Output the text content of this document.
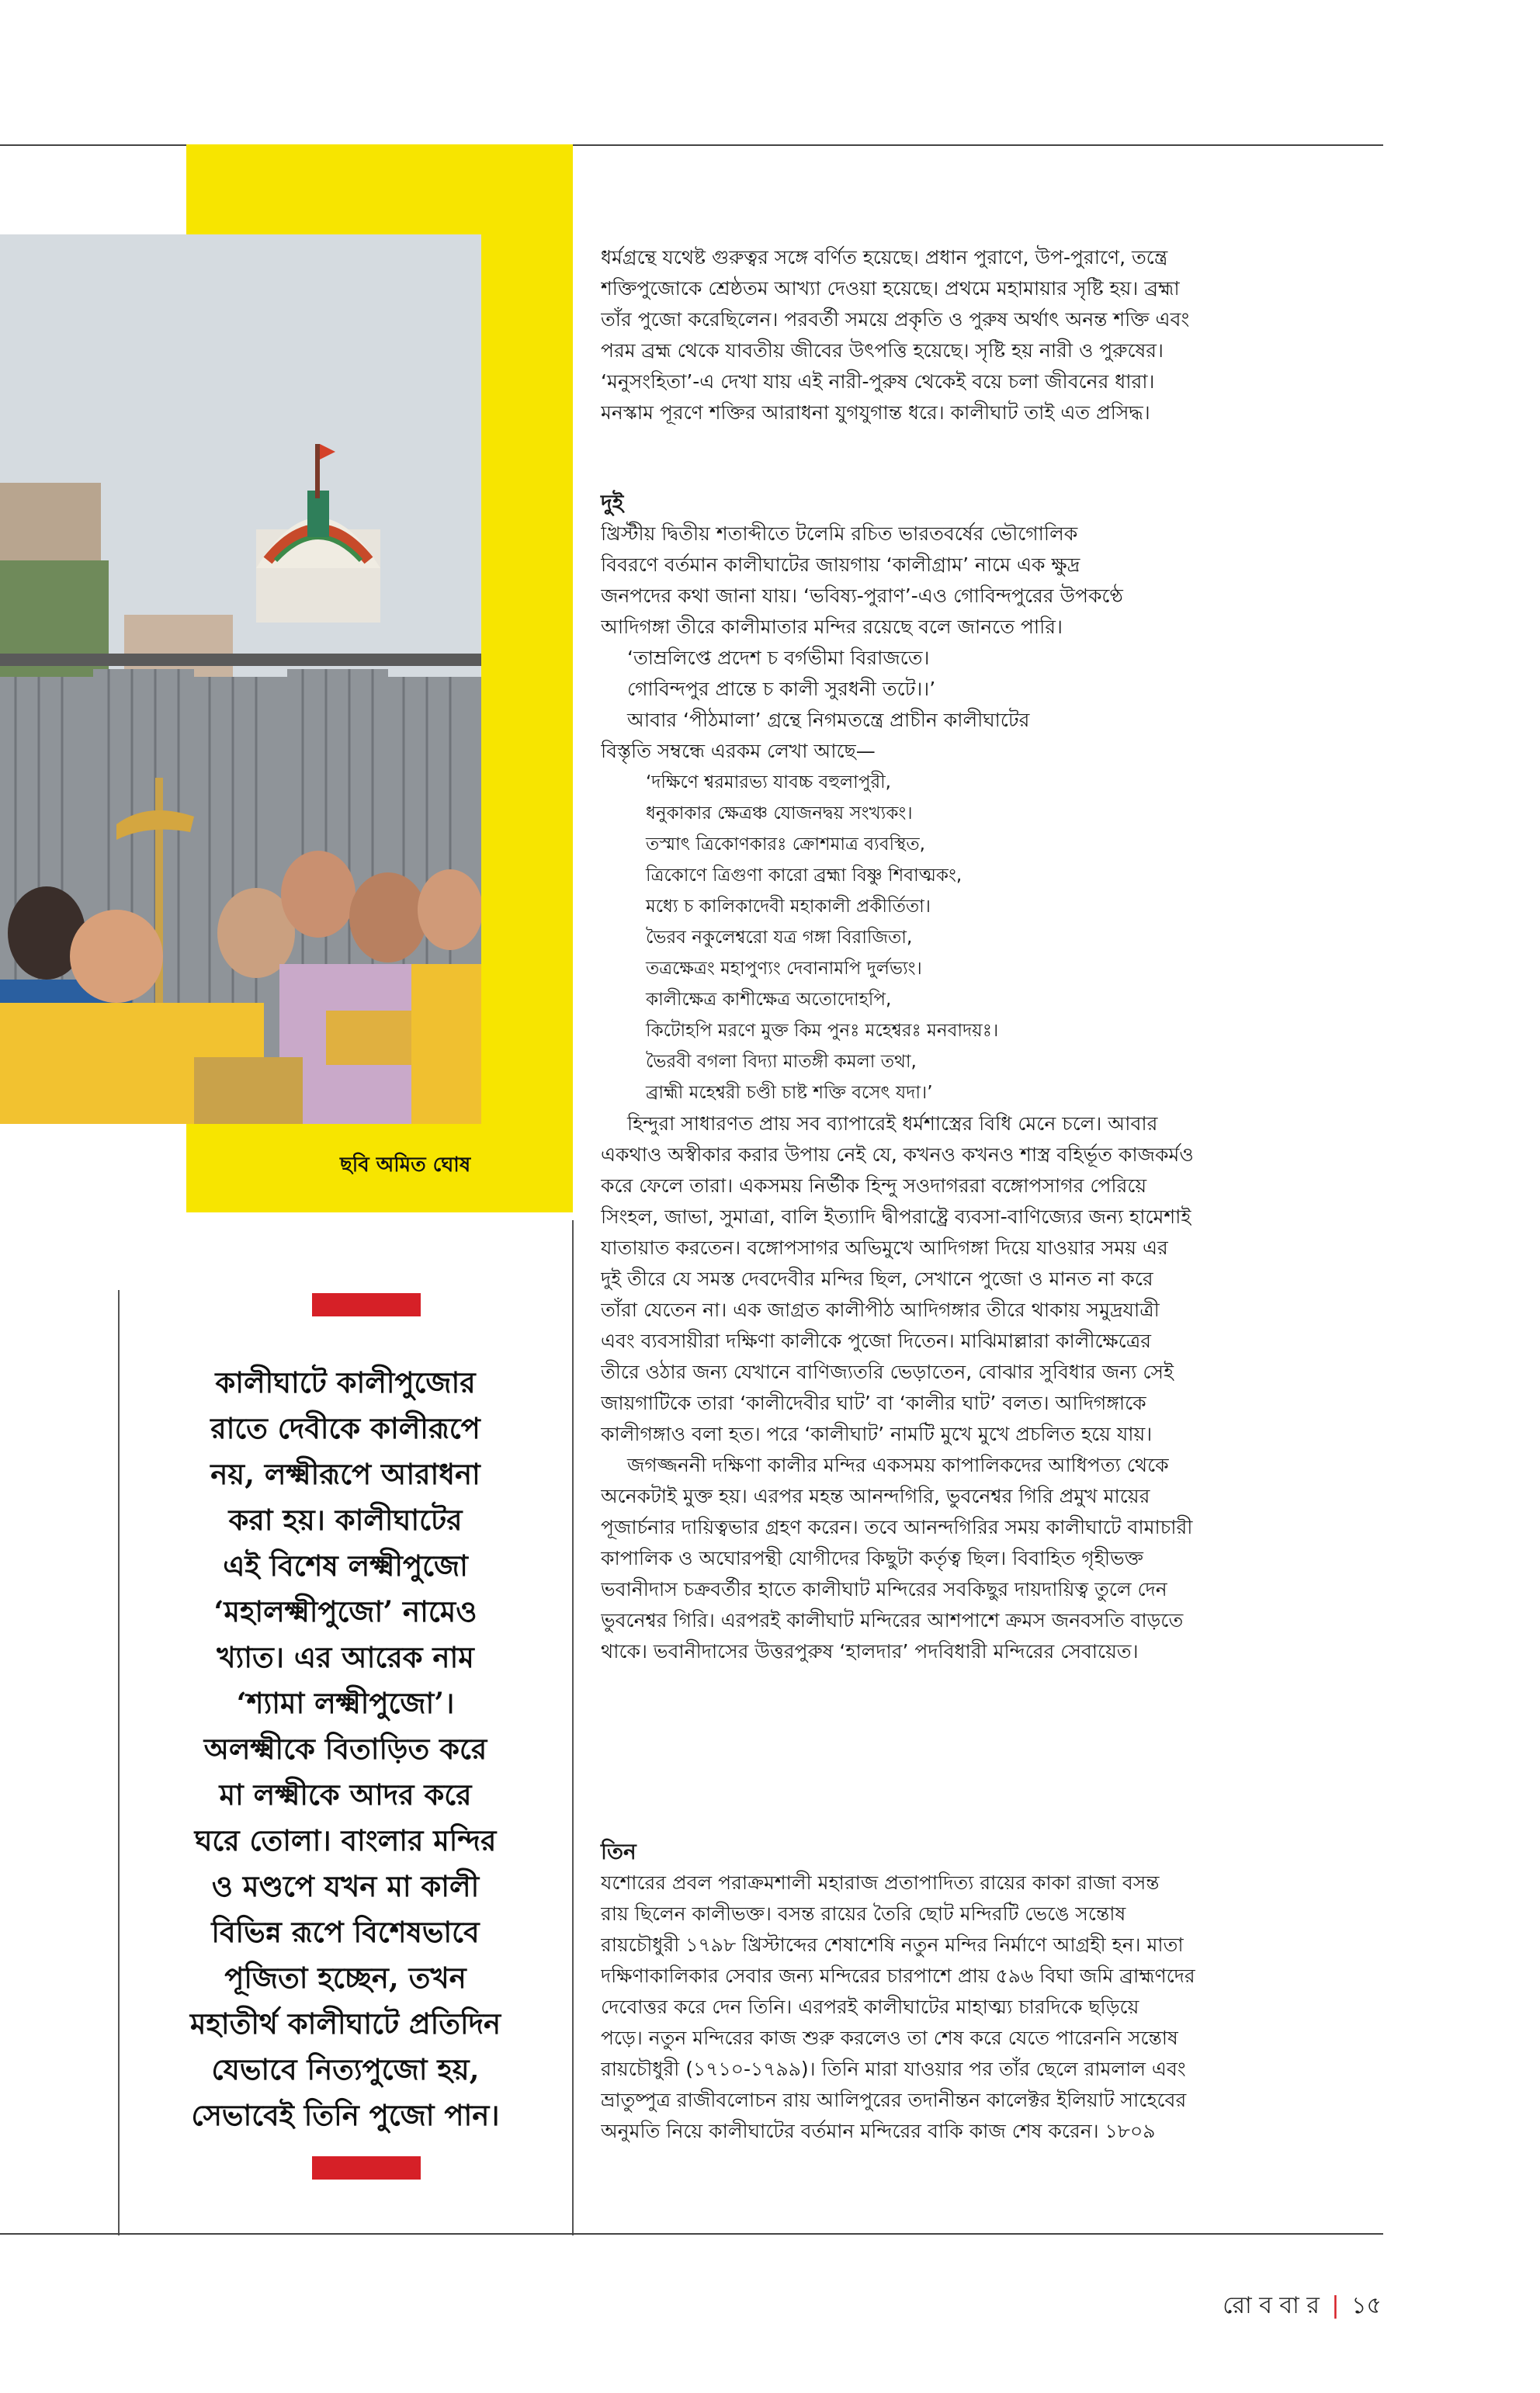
ছবি অমিত ঘোষ
কালীঘাটে কালীপুজোর
রাতে দেবীকে কালীরূপে
নয়, লক্ষ্মীরূপে আরাধনা
করা হয়। কালীঘাটের
এই বিশেষ লক্ষ্মীপুজো
‘মহালক্ষ্মীপুজো’ নামেও
খ্যাত। এর আরেক নাম
‘শ্যামা লক্ষ্মীপুজো’।
অলক্ষ্মীকে বিতাড়িত করে
মা লক্ষ্মীকে আদর করে
ঘরে তোলা। বাংলার মন্দির
ও মণ্ডপে যখন মা কালী
বিভিন্ন রূপে বিশেষভাবে
পূজিতা হচ্ছেন, তখন
মহাতীর্থ কালীঘাটে প্রতিদিন
যেভাবে নিত্যপুজো হয়,
সেভাবেই তিনি পুজো পান।
ধর্মগ্রন্থে যথেষ্ট গুরুত্বর সঙ্গে বর্ণিত হয়েছে। প্রধান পুরাণে, উপ-পুরাণে, তন্ত্রে
শক্তিপুজোকে শ্রেষ্ঠতম আখ্যা দেওয়া হয়েছে। প্রথমে মহামায়ার সৃষ্টি হয়। ব্রহ্মা
তাঁর পুজো করেছিলেন। পরবর্তী সময়ে প্রকৃতি ও পুরুষ অর্থাৎ অনন্ত শক্তি এবং
পরম ব্রহ্ম থেকে যাবতীয় জীবের উৎপত্তি হয়েছে। সৃষ্টি হয় নারী ও পুরুষের।
‘মনুসংহিতা’-এ দেখা যায় এই নারী-পুরুষ থেকেই বয়ে চলা জীবনের ধারা।
মনস্কাম পূরণে শক্তির আরাধনা যুগযুগান্ত ধরে। কালীঘাট তাই এত প্রসিদ্ধ।
দুই
খ্রিস্টীয় দ্বিতীয় শতাব্দীতে টলেমি রচিত ভারতবর্ষের ভৌগোলিক
বিবরণে বর্তমান কালীঘাটের জায়গায় ‘কালীগ্রাম’ নামে এক ক্ষুদ্র
জনপদের কথা জানা যায়। ‘ভবিষ্য-পুরাণ’-এও গোবিন্দপুরের উপকণ্ঠে
আদিগঙ্গা তীরে কালীমাতার মন্দির রয়েছে বলে জানতে পারি।
‘তাম্রলিপ্তে প্রদেশ চ বর্গভীমা বিরাজতে।
গোবিন্দপুর প্রান্তে চ কালী সুরধনী তটে।।’
আবার ‘পীঠমালা’ গ্রন্থে নিগমতন্ত্রে প্রাচীন কালীঘাটের
বিস্তৃতি সম্বন্ধে এরকম লেখা আছে—
‘দক্ষিণে শ্বরমারভ্য যাবচ্চ বহুলাপুরী,
ধনুকাকার ক্ষেত্রঞ্চ যোজনদ্বয় সংখ্যকং।
তস্মাৎ ত্রিকোণকারঃ ক্রোশমাত্র ব্যবস্থিত,
ত্রিকোণে ত্রিগুণা কারো ব্রহ্মা বিষ্ণু শিবাত্মকং,
মধ্যে চ কালিকাদেবী মহাকালী প্রকীর্তিতা।
ভৈরব নকুলেশ্বরো যত্র গঙ্গা বিরাজিতা,
তত্রক্ষেত্রং মহাপুণ্যং দেবানামপি দুর্লভ্যং।
কালীক্ষেত্র কাশীক্ষেত্র অতোদোহপি,
কিটোহপি মরণে মুক্ত কিম পুনঃ মহেশ্বরঃ মনবাদয়ঃ।
ভৈরবী বগলা বিদ্যা মাতঙ্গী কমলা তথা,
ব্রাহ্মী মহেশ্বরী চণ্ডী চাষ্ট শক্তি বসেৎ যদা।’
হিন্দুরা সাধারণত প্রায় সব ব্যাপারেই ধর্মশাস্ত্রের বিধি মেনে চলে। আবার
একথাও অস্বীকার করার উপায় নেই যে, কখনও কখনও শাস্ত্র বহির্ভূত কাজকর্মও
করে ফেলে তারা। একসময় নির্ভীক হিন্দু সওদাগররা বঙ্গোপসাগর পেরিয়ে
সিংহল, জাভা, সুমাত্রা, বালি ইত্যাদি দ্বীপরাষ্ট্রে ব্যবসা-বাণিজ্যের জন্য হামেশাই
যাতায়াত করতেন। বঙ্গোপসাগর অভিমুখে আদিগঙ্গা দিয়ে যাওয়ার সময় এর
দুই তীরে যে সমস্ত দেবদেবীর মন্দির ছিল, সেখানে পুজো ও মানত না করে
তাঁরা যেতেন না। এক জাগ্রত কালীপীঠ আদিগঙ্গার তীরে থাকায় সমুদ্রযাত্রী
এবং ব্যবসায়ীরা দক্ষিণা কালীকে পুজো দিতেন। মাঝিমাল্লারা কালীক্ষেত্রের
তীরে ওঠার জন্য যেখানে বাণিজ্যতরি ভেড়াতেন, বোঝার সুবিধার জন্য সেই
জায়গাটিকে তারা ‘কালীদেবীর ঘাট’ বা ‘কালীর ঘাট’ বলত। আদিগঙ্গাকে
কালীগঙ্গাও বলা হত। পরে ‘কালীঘাট’ নামটি মুখে মুখে প্রচলিত হয়ে যায়।
জগজ্জননী দক্ষিণা কালীর মন্দির একসময় কাপালিকদের আধিপত্য থেকে
অনেকটাই মুক্ত হয়। এরপর মহন্ত আনন্দগিরি, ভুবনেশ্বর গিরি প্রমুখ মায়ের
পূজার্চনার দায়িত্বভার গ্রহণ করেন। তবে আনন্দগিরির সময় কালীঘাটে বামাচারী
কাপালিক ও অঘোরপন্থী যোগীদের কিছুটা কর্তৃত্ব ছিল। বিবাহিত গৃহীভক্ত
ভবানীদাস চক্রবর্তীর হাতে কালীঘাট মন্দিরের সবকিছুর দায়দায়িত্ব তুলে দেন
ভুবনেশ্বর গিরি। এরপরই কালীঘাট মন্দিরের আশপাশে ক্রমস জনবসতি বাড়তে
থাকে। ভবানীদাসের উত্তরপুরুষ ‘হালদার’ পদবিধারী মন্দিরের সেবায়েত।
তিন
যশোরের প্রবল পরাক্রমশালী মহারাজ প্রতাপাদিত্য রায়ের কাকা রাজা বসন্ত
রায় ছিলেন কালীভক্ত। বসন্ত রায়ের তৈরি ছোট মন্দিরটি ভেঙে সন্তোষ
রায়চৌধুরী ১৭৯৮ খ্রিস্টাব্দের শেষাশেষি নতুন মন্দির নির্মাণে আগ্রহী হন। মাতা
দক্ষিণাকালিকার সেবার জন্য মন্দিরের চারপাশে প্রায় ৫৯৬ বিঘা জমি ব্রাহ্মণদের
দেবোত্তর করে দেন তিনি। এরপরই কালীঘাটের মাহাত্ম্য চারদিকে ছড়িয়ে
পড়ে। নতুন মন্দিরের কাজ শুরু করলেও তা শেষ করে যেতে পারেননি সন্তোষ
রায়চৌধুরী (১৭১০-১৭৯৯)। তিনি মারা যাওয়ার পর তাঁর ছেলে রামলাল এবং
ভ্রাতুষ্পুত্র রাজীবলোচন রায় আলিপুরের তদানীন্তন কালেক্টর ইলিয়াট সাহেবের
অনুমতি নিয়ে কালীঘাটের বর্তমান মন্দিরের বাকি কাজ শেষ করেন। ১৮০৯
রো ব বা র | ১৫
